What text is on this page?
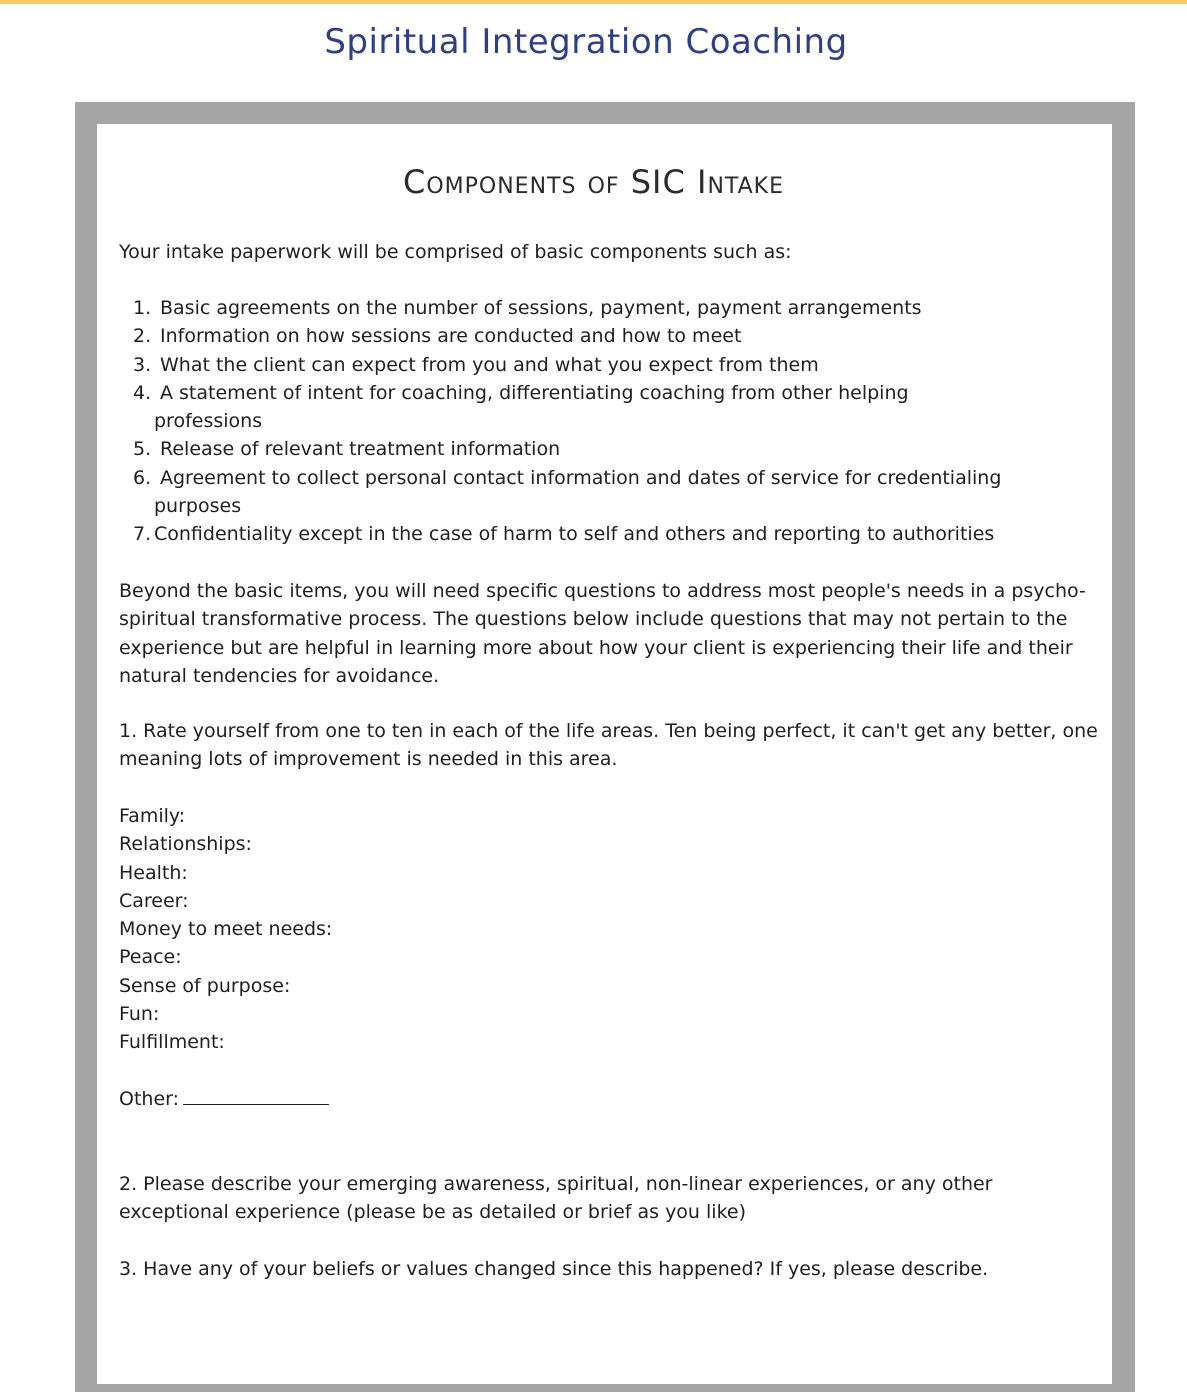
Spiritual Integration Coaching
Components of SIC Intake

Your intake paperwork will be comprised of basic components such as:

1. Basic agreements on the number of sessions, payment, payment arrangements
2. Information on how sessions are conducted and how to meet
3. What the client can expect from you and what you expect from them
4. A statement of intent for coaching, differentiating coaching from other helping
professions
5. Release of relevant treatment information
6. Agreement to collect personal contact information and dates of service for credentialing
purposes
7. Confidentiality except in the case of harm to self and others and reporting to authorities

Beyond the basic items, you will need specific questions to address most people's needs in a psycho-spiritual transformative process. The questions below include questions that may not pertain to the experience but are helpful in learning more about how your client is experiencing their life and their natural tendencies for avoidance.

1. Rate yourself from one to ten in each of the life areas. Ten being perfect, it can't get any better, one meaning lots of improvement is needed in this area.

Family:
Relationships:
Health:
Career:
Money to meet needs:
Peace:
Sense of purpose:
Fun:
Fulfillment:
Other:

2. Please describe your emerging awareness, spiritual, non-linear experiences, or any other exceptional experience (please be as detailed or brief as you like)

3. Have any of your beliefs or values changed since this happened? If yes, please describe.
